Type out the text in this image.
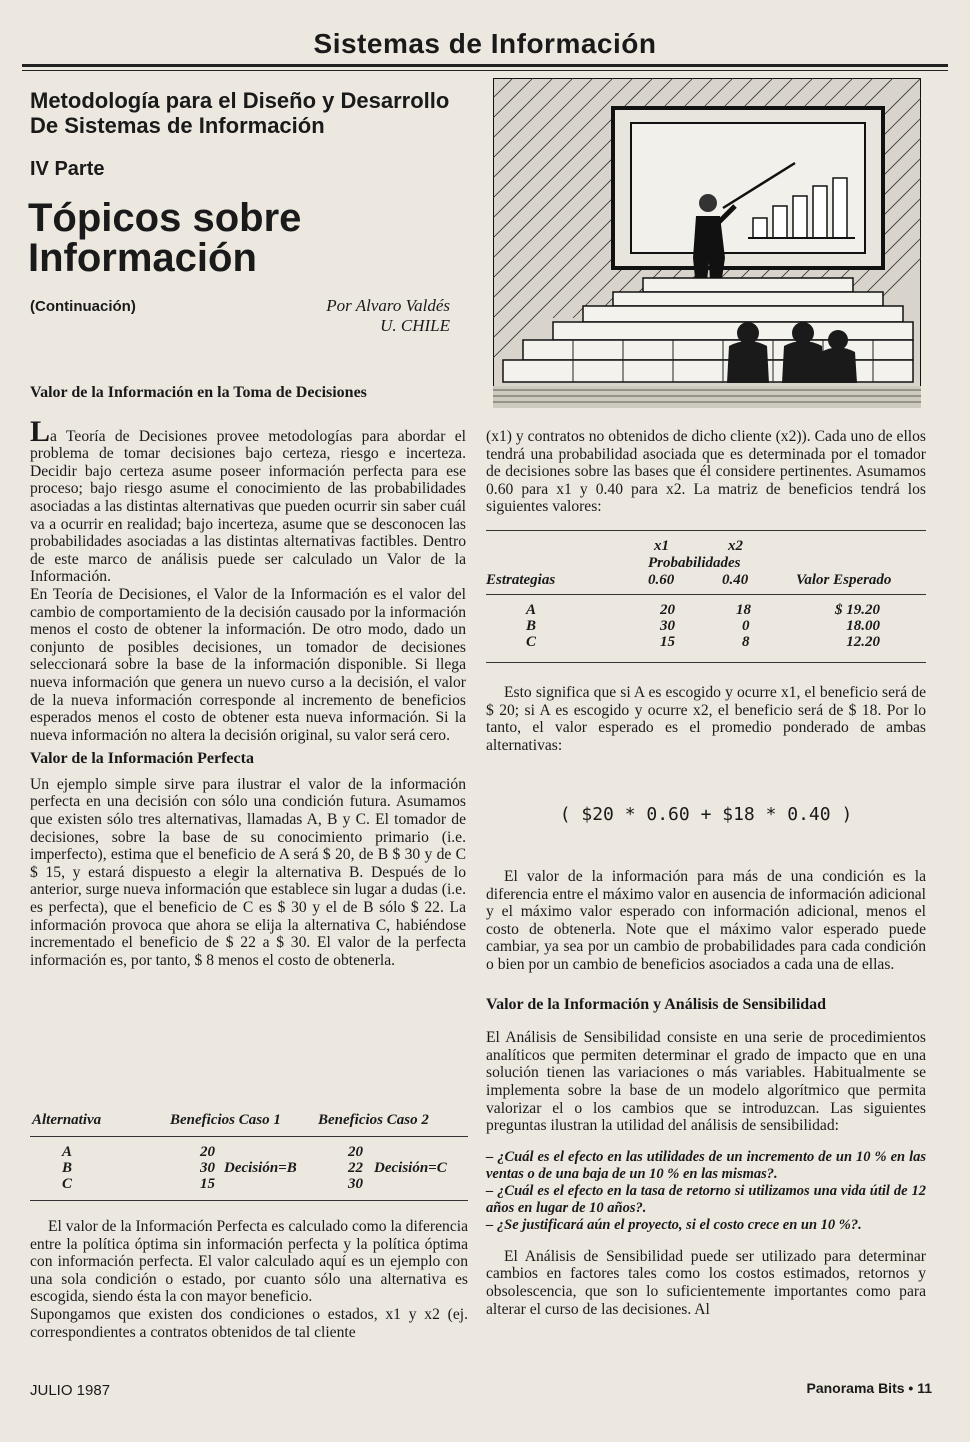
Sistemas de Información
Metodología para el Diseño y Desarrollo
De Sistemas de Información
IV Parte
Tópicos sobre
Información
(Continuación)	Por Alvaro Valdés
U. CHILE

Valor de la Información en la Toma de Decisiones

La Teoría de Decisiones provee metodologías para abordar el problema de tomar decisiones bajo certeza, riesgo e incerteza. Decidir bajo certeza asume poseer información perfecta para ese proceso; bajo riesgo asume el conocimiento de las probabilidades asociadas a las distintas alternativas que pueden ocurrir sin saber cuál va a ocurrir en realidad; bajo incerteza, asume que se desconocen las probabilidades asociadas a las distintas alternativas factibles. Dentro de este marco de análisis puede ser calculado un Valor de la Información.

En Teoría de Decisiones, el Valor de la Información es el valor del cambio de comportamiento de la decisión causado por la información menos el costo de obtener la información. De otro modo, dado un conjunto de posibles decisiones, un tomador de decisiones seleccionará sobre la base de la información disponible. Si llega nueva información que genera un nuevo curso a la decisión, el valor de la nueva información corresponde al incremento de beneficios esperados menos el costo de obtener esta nueva información. Si la nueva información no altera la decisión original, su valor será cero.

Valor de la Información Perfecta

Un ejemplo simple sirve para ilustrar el valor de la información perfecta en una decisión con sólo una condición futura. Asumamos que existen sólo tres alternativas, llamadas A, B y C. El tomador de decisiones, sobre la base de su conocimiento primario (i.e. imperfecto), estima que el beneficio de A será $ 20, de B $ 30 y de C $ 15, y estará dispuesto a elegir la alternativa B. Después de lo anterior, surge nueva información que establece sin lugar a dudas (i.e. es perfecta), que el beneficio de C es $ 30 y el de B sólo $ 22. La información provoca que ahora se elija la alternativa C, habiéndose incrementado el beneficio de $ 22 a $ 30. El valor de la perfecta información es, por tanto, $ 8 menos el costo de obtenerla.

Alternativa	Beneficios Caso 1 Beneficios Caso 2
A	20	20
B	30 Decisión=B	22 Decisión=C
C	15	30

El valor de la Información Perfecta es calculado como la diferencia entre la política óptima sin información perfecta y la política óptima con información perfecta. El valor calculado aquí es un ejemplo con una sola condición o estado, por cuanto sólo una alternativa es escogida, siendo ésta la con mayor beneficio.

Supongamos que existen dos condiciones o estados, x1 y x2 (ej. correspondientes a contratos obtenidos de tal cliente

(x1) y contratos no obtenidos de dicho cliente (x2)). Cada uno de ellos tendrá una probabilidad asociada que es determinada por el tomador de decisiones sobre las bases que él considere pertinentes. Asumamos 0.60 para x1 y 0.40 para x2. La matriz de beneficios tendrá los siguientes valores:

x1	x2
Probabilidades
Estrategias	0.60	0.40	Valor Esperado
A	20	18	$ 19.20
B	30	0	18.00
C	15	8	12.20

Esto significa que si A es escogido y ocurre x1, el beneficio será de $ 20; si A es escogido y ocurre x2, el beneficio será de $ 18. Por lo tanto, el valor esperado es el promedio ponderado de ambas alternativas:

( $20 * 0.60 + $18 * 0.40 )

El valor de la información para más de una condición es la diferencia entre el máximo valor en ausencia de información adicional y el máximo valor esperado con información adicional, menos el costo de obtenerla. Note que el máximo valor esperado puede cambiar, ya sea por un cambio de probabilidades para cada condición o bien por un cambio de beneficios asociados a cada una de ellas.

Valor de la Información y Análisis de Sensibilidad

El Análisis de Sensibilidad consiste en una serie de procedimientos analíticos que permiten determinar el grado de impacto que en una solución tienen las variaciones o más variables. Habitualmente se implementa sobre la base de un modelo algorítmico que permita valorizar el o los cambios que se introduzcan. Las siguientes preguntas ilustran la utilidad del análisis de sensibilidad:

– ¿Cuál es el efecto en las utilidades de un incremento de un 10 % en las ventas o de una baja de un 10 % en las mismas?.

– ¿Cuál es el efecto en la tasa de retorno si utilizamos una vida útil de 12 años en lugar de 10 años?.

– ¿Se justificará aún el proyecto, si el costo crece en un 10 %?.

El Análisis de Sensibilidad puede ser utilizado para determinar cambios en factores tales como los costos estimados, retornos y obsolescencia, que son lo suficientemente importantes como para alterar el curso de las decisiones. Al

JULIO 1987	Panorama Bits • 11
